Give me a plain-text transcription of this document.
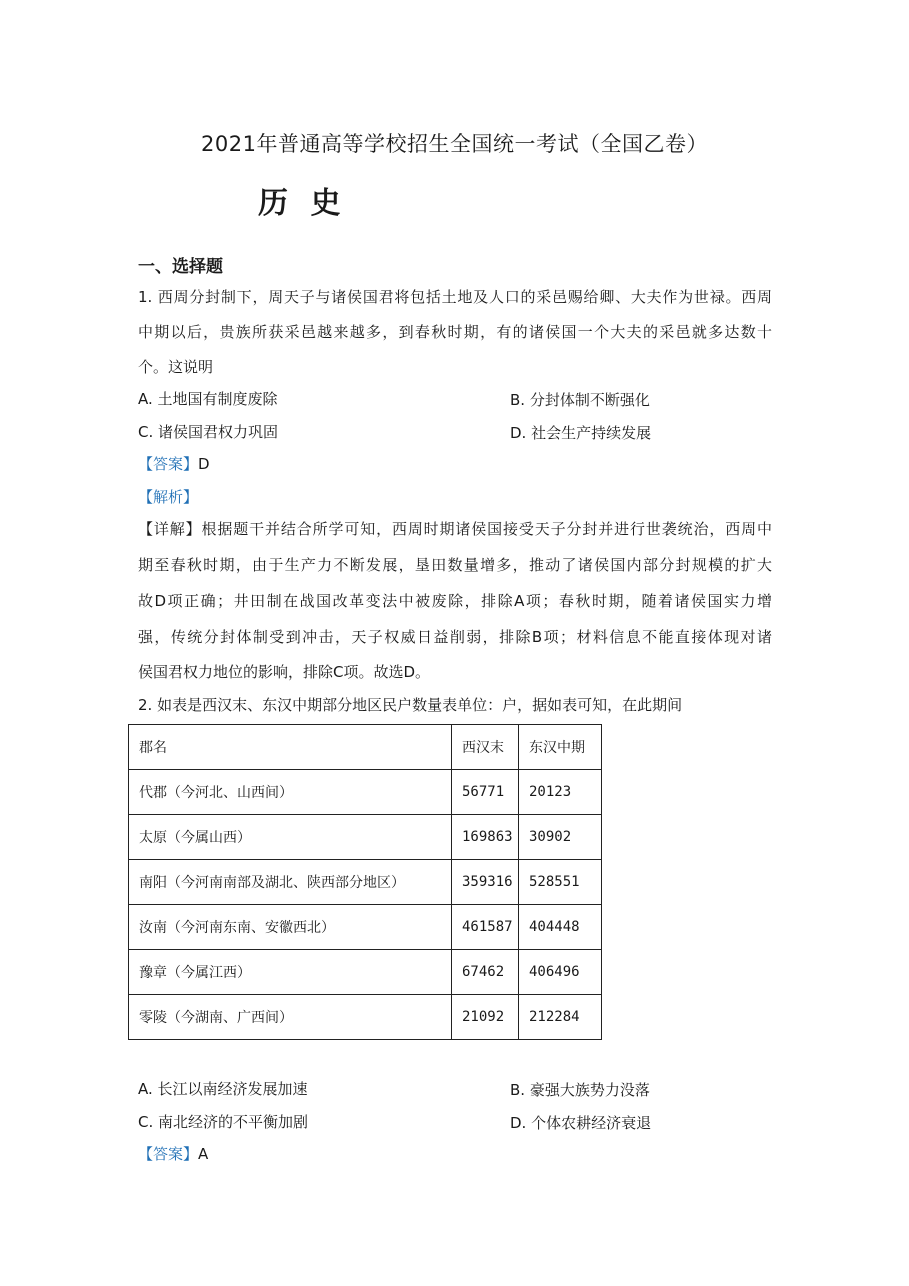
2021年普通高等学校招生全国统一考试（全国乙卷）
历 史
一、选择题
1. 西周分封制下，周天子与诸侯国君将包括土地及人口的采邑赐给卿、大夫作为世禄。西周
中期以后，贵族所获采邑越来越多，到春秋时期，有的诸侯国一个大夫的采邑就多达数十
个。这说明
A. 土地国有制度废除	B. 分封体制不断强化
C. 诸侯国君权力巩固	D. 社会生产持续发展
【答案】D
【解析】
【详解】根据题干并结合所学可知，西周时期诸侯国接受天子分封并进行世袭统治，西周中
期至春秋时期，由于生产力不断发展，垦田数量增多，推动了诸侯国内部分封规模的扩大
故D项正确；井田制在战国改革变法中被废除，排除A项；春秋时期，随着诸侯国实力增
强，传统分封体制受到冲击，天子权威日益削弱，排除B项；材料信息不能直接体现对诸
侯国君权力地位的影响，排除C项。故选D。
2. 如表是西汉末、东汉中期部分地区民户数量表单位：户，据如表可知，在此期间
郡名	西汉末	东汉中期
代郡（今河北、山西间）	56771	20123
太原（今属山西）	169863	30902
南阳（今河南南部及湖北、陕西部分地区）	359316	528551
汝南（今河南东南、安徽西北）	461587	404448
豫章（今属江西）	67462	406496
零陵（今湖南、广西间）	21092	212284
A. 长江以南经济发展加速	B. 豪强大族势力没落
C. 南北经济的不平衡加剧	D. 个体农耕经济衰退
【答案】A
